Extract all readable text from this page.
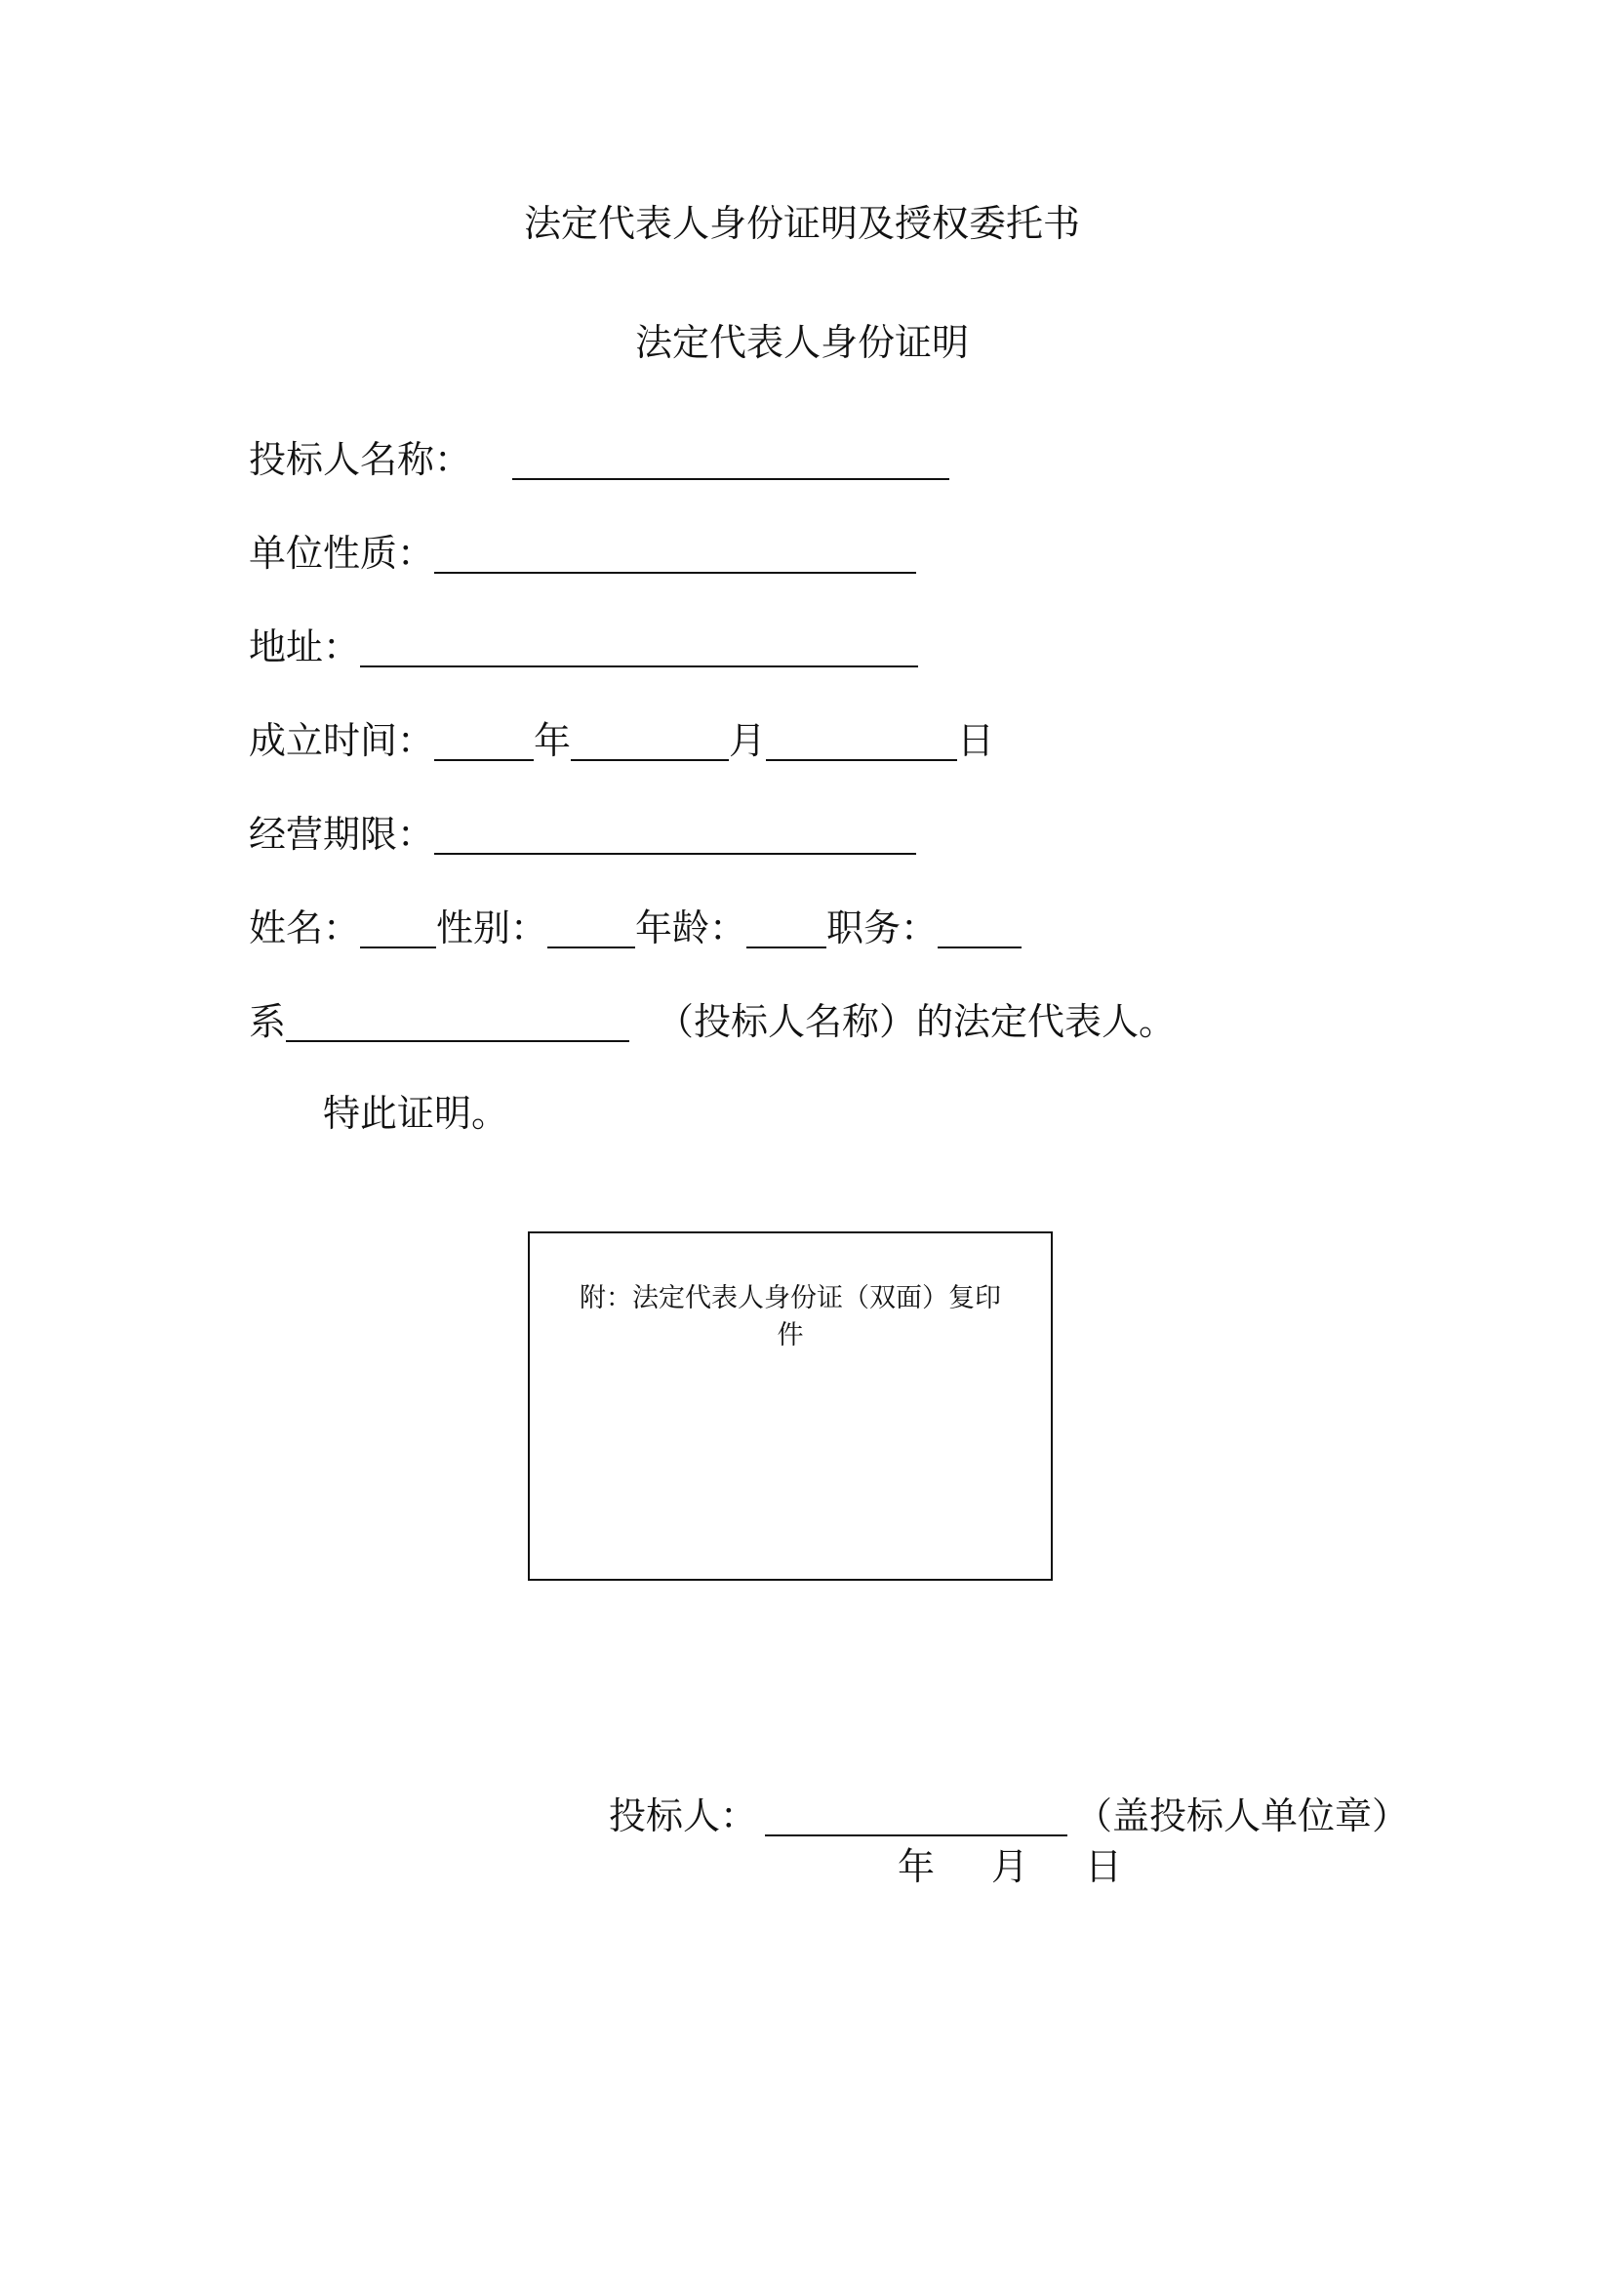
法定代表人身份证明及授权委托书
法定代表人身份证明
投标人名称：
单位性质：
地址：
成立时间：	年	月	日
经营期限：
姓名： 性别： 年龄： 职务：
系	（投标人名称）的法定代表人。
特此证明。
附：法定代表人身份证（双面）复印件
投标人：	（盖投标人单位章）
年 月 日
